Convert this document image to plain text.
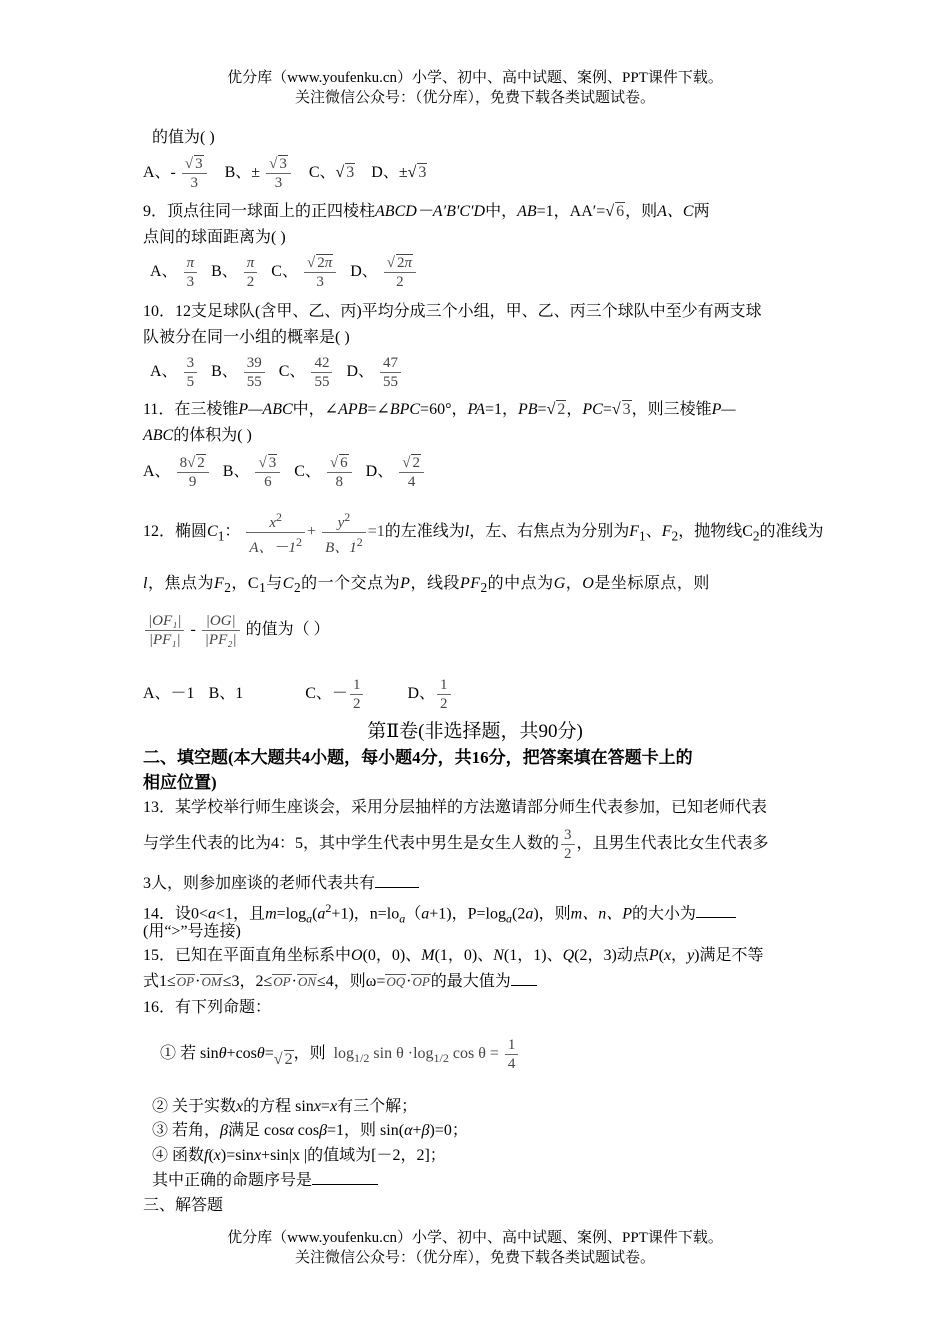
优分库（www.youfenku.cn）小学、初中、高中试题、案例、PPT课件下载。
关注微信公众号：（优分库），免费下载各类试题试卷。
的值为( )
A、- $\frac{√ 3}{3}$ B、± $\frac{√ 3}{3}$ C、√ 3 D、±√ 3
9．顶点往同一球面上的正四棱柱ABCD－A′B′C′D中，AB=1，AA′=√ 6，则A、C两
点间的球面距离为( )
A、 $\frac{\pi}{3}$ B、 $\frac{\pi}{2}$ C、 $\frac{√ 2\pi}{3}$ D、 $\frac{√ 2\pi}{2}$
10．12支足球队(含甲、乙、丙)平均分成三个小组，甲、乙、丙三个球队中至少有两支球
队被分在同一小组的概率是( )
A、 $\frac{3}{5}$ B、 $\frac{39}{55}$ C、 $\frac{42}{55}$ D、 $\frac{47}{55}$
11．在三棱锥P—ABC中，∠APB=∠BPC=60°，PA=1，PB=√ 2，PC=√ 3，则三棱锥P—
ABC的体积为( )
A、 $\frac{8√ 2}{9}$ B、 $\frac{√ 3}{6}$ C、 $\frac{√ 6}{8}$ D、 $\frac{√ 2}{4}$
12．椭圆$C_1$： $\frac{x^2}{A、-1^2} + \frac{y^2}{B、1^2} =1$的左准线为l，左、右焦点为分别为$F_1$、$F_2$，抛物线$C_2$的准线为
l，焦点为$F_2$，$C_1$与$C_2$的一个交点为P，线段$PF_2$的中点为G，O是坐标原点，则
$\frac{\text{|OF₁|}}{\text{|PF₁|}} - \frac{|OG|}{\text{|PF₂|}}$ 的值为（ ）
A、－1 B、1	C、－ $\frac{1}{2}$	D、 $\frac{1}{2}$
第Ⅱ卷(非选择题，共90分)
二、填空题(本大题共4小题，每小题4分，共16分，把答案填在答题卡上的
相应位置)
13．某学校举行师生座谈会，采用分层抽样的方法邀请部分师生代表参加，已知老师代表
与学生代表的比为4：5，其中学生代表中男生是女生人数的 $\frac{3}{2}$ ，且男生代表比女生代表多
3人，则参加座谈的老师代表共有
14．设0<a<1，且$m=\log_a(a^2+1)$，$n=lo_a(a+1)$，$P=\log_a(2a)$，则m、n、P的大小为
(用“>”号连接)
15．已知在平面直角坐标系中O(0，0)、M(1，0)、N(1，1)、Q(2，3)动点P(x，y)满足不等
式1≤OP·OM≤3，2≤OP·ON≤4，则ω=OQ·OP的最大值为
16．有下列命题：
① 若 sinθ+cosθ=√ 2，则 $\log_{1/2} \sin \theta \cdot\log_{1/2}$ $\cos \theta = \frac{1}{4}$
② 关于实数x的方程 sinx=x有三个解；
③ 若角，β满足 cosα cosβ=1，则 sin(α+β)=0；
④ 函数f(x)=sinx+sin|x |的值域为[－2，2]；
其中正确的命题序号是
三、解答题
优分库（www.youfenku.cn）小学、初中、高中试题、案例、PPT课件下载。
关注微信公众号：（优分库），免费下载各类试题试卷。
